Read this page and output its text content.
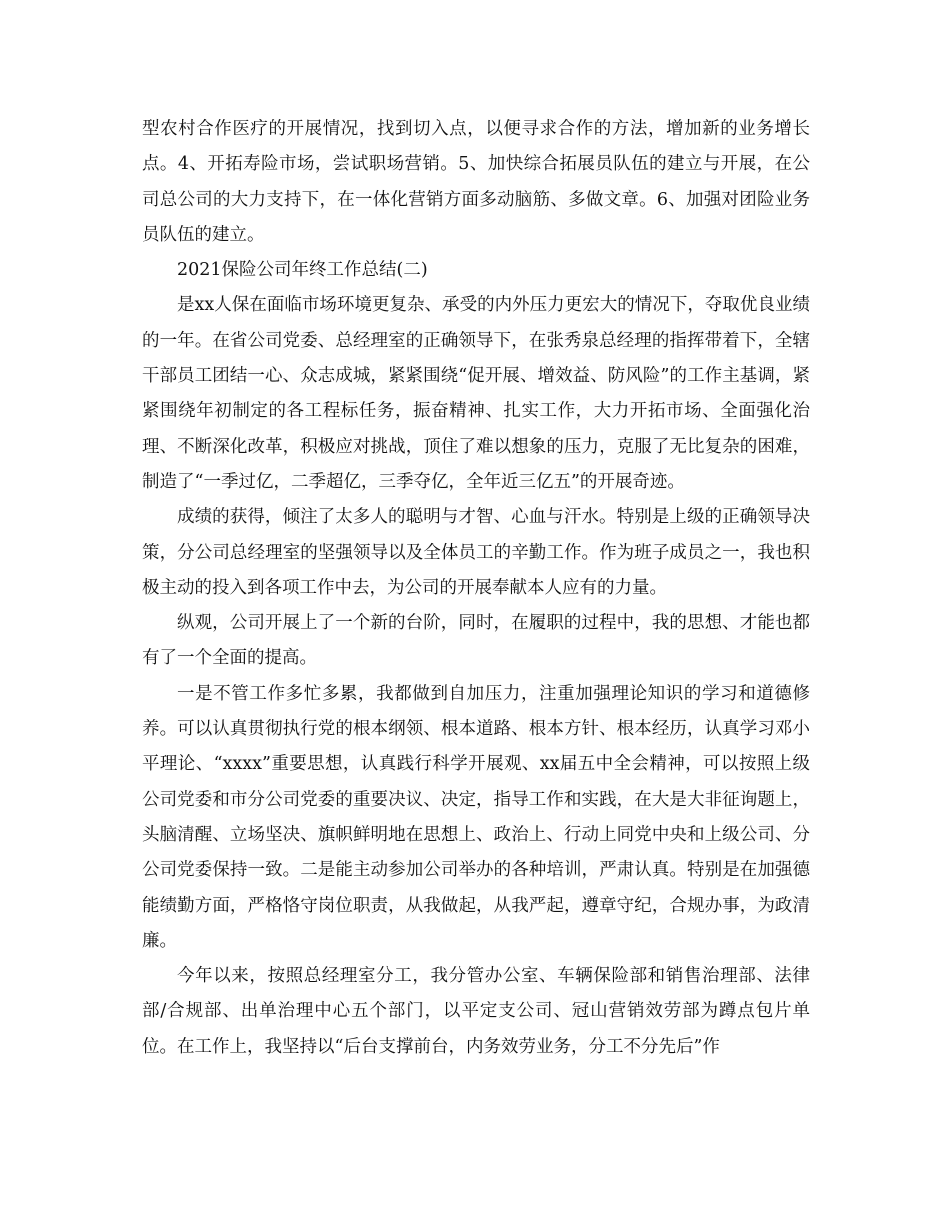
型农村合作医疗的开展情况，找到切入点，以便寻求合作的方法，增加新的业务增长点。4、开拓寿险市场，尝试职场营销。5、加快综合拓展员队伍的建立与开展，在公司总公司的大力支持下，在一体化营销方面多动脑筋、多做文章。6、加强对团险业务员队伍的建立。

2021保险公司年终工作总结(二)

是xx人保在面临市场环境更复杂、承受的内外压力更宏大的情况下，夺取优良业绩的一年。在省公司党委、总经理室的正确领导下，在张秀泉总经理的指挥带着下，全辖干部员工团结一心、众志成城，紧紧围绕“促开展、增效益、防风险”的工作主基调，紧紧围绕年初制定的各工程标任务，振奋精神、扎实工作，大力开拓市场、全面强化治理、不断深化改革，积极应对挑战，顶住了难以想象的压力，克服了无比复杂的困难，制造了“一季过亿，二季超亿，三季夺亿，全年近三亿五”的开展奇迹。

成绩的获得，倾注了太多人的聪明与才智、心血与汗水。特别是上级的正确领导决策，分公司总经理室的坚强领导以及全体员工的辛勤工作。作为班子成员之一，我也积极主动的投入到各项工作中去，为公司的开展奉献本人应有的力量。

纵观，公司开展上了一个新的台阶，同时，在履职的过程中，我的思想、才能也都有了一个全面的提高。

一是不管工作多忙多累，我都做到自加压力，注重加强理论知识的学习和道德修养。可以认真贯彻执行党的根本纲领、根本道路、根本方针、根本经历，认真学习邓小平理论、“xxxx”重要思想，认真践行科学开展观、xx届五中全会精神，可以按照上级公司党委和市分公司党委的重要决议、决定，指导工作和实践，在大是大非征询题上，头脑清醒、立场坚决、旗帜鲜明地在思想上、政治上、行动上同党中央和上级公司、分公司党委保持一致。二是能主动参加公司举办的各种培训，严肃认真。特别是在加强德能绩勤方面，严格恪守岗位职责，从我做起，从我严起，遵章守纪，合规办事，为政清廉。

今年以来，按照总经理室分工，我分管办公室、车辆保险部和销售治理部、法律部/合规部、出单治理中心五个部门，以平定支公司、冠山营销效劳部为蹲点包片单位。在工作上，我坚持以“后台支撑前台，内务效劳业务，分工不分先后”作
